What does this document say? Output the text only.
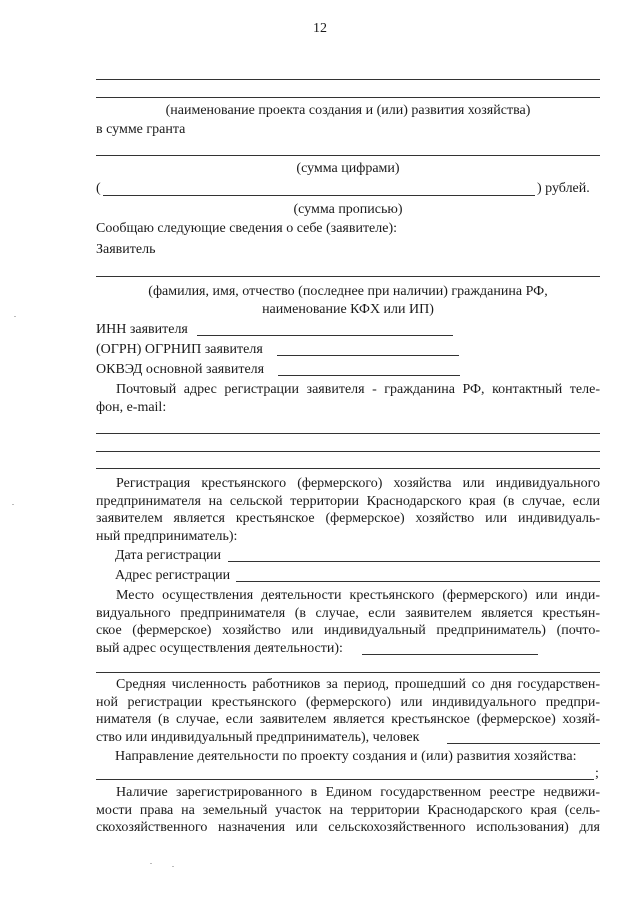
12
(наименование проекта создания и (или) развития хозяйства)
в сумме гранта
(сумма цифрами)
(	) рублей.
(сумма прописью)
Сообщаю следующие сведения о себе (заявителе):
Заявитель
(фамилия, имя, отчество (последнее при наличии) гражданина РФ,
наименование КФХ или ИП)
ИНН заявителя
(ОГРН) ОГРНИП заявителя
ОКВЭД основной заявителя
Почтовый адрес регистрации заявителя - гражданина РФ, контактный теле-
фон, e-mail:
Регистрация крестьянского (фермерского) хозяйства или индивидуального
предпринимателя на сельской территории Краснодарского края (в случае, если
заявителем является крестьянское (фермерское) хозяйство или индивидуаль-
ный предприниматель):
Дата регистрации
Адрес регистрации
Место осуществления деятельности крестьянского (фермерского) или инди-
видуального предпринимателя (в случае, если заявителем является крестьян-
ское (фермерское) хозяйство или индивидуальный предприниматель) (почто-
вый адрес осуществления деятельности):
Средняя численность работников за период, прошедший со дня государствен-
ной регистрации крестьянского (фермерского) или индивидуального предпри-
нимателя (в случае, если заявителем является крестьянское (фермерское) хозяй-
ство или индивидуальный предприниматель), человек
Направление деятельности по проекту создания и (или) развития хозяйства:
;
Наличие зарегистрированного в Едином государственном реестре недвижи-
мости права на земельный участок на территории Краснодарского края (сель-
скохозяйственного назначения или сельскохозяйственного использования) для
